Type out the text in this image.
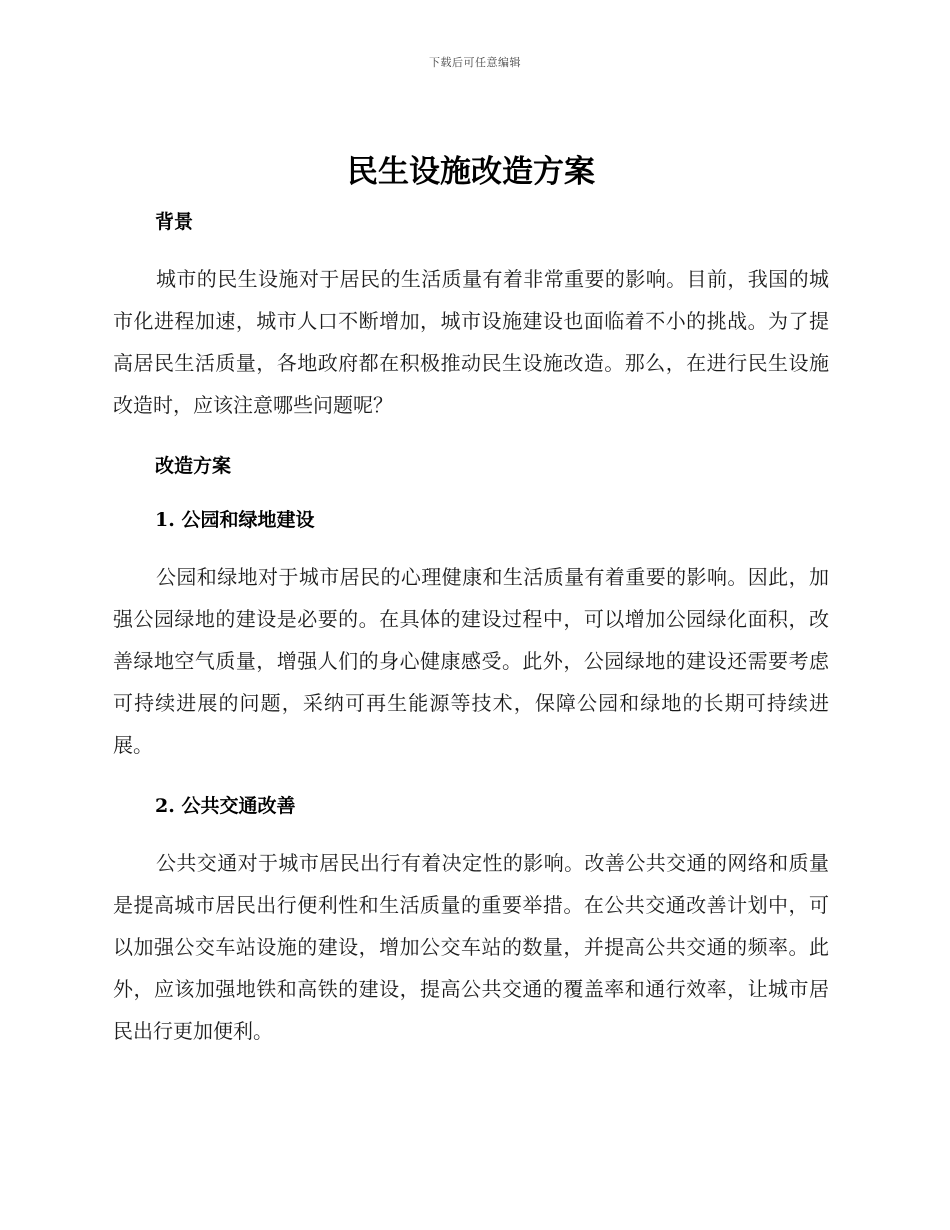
下载后可任意编辑
民生设施改造方案

背景

城市的民生设施对于居民的生活质量有着非常重要的影响。目前，我国的城市化进程加速，城市人口不断增加，城市设施建设也面临着不小的挑战。为了提高居民生活质量，各地政府都在积极推动民生设施改造。那么，在进行民生设施改造时，应该注意哪些问题呢？

改造方案

1. 公园和绿地建设

公园和绿地对于城市居民的心理健康和生活质量有着重要的影响。因此，加强公园绿地的建设是必要的。在具体的建设过程中，可以增加公园绿化面积，改善绿地空气质量，增强人们的身心健康感受。此外，公园绿地的建设还需要考虑可持续进展的问题，采纳可再生能源等技术，保障公园和绿地的长期可持续进展。

2. 公共交通改善

公共交通对于城市居民出行有着决定性的影响。改善公共交通的网络和质量是提高城市居民出行便利性和生活质量的重要举措。在公共交通改善计划中，可以加强公交车站设施的建设，增加公交车站的数量，并提高公共交通的频率。此外，应该加强地铁和高铁的建设，提高公共交通的覆盖率和通行效率，让城市居民出行更加便利。
